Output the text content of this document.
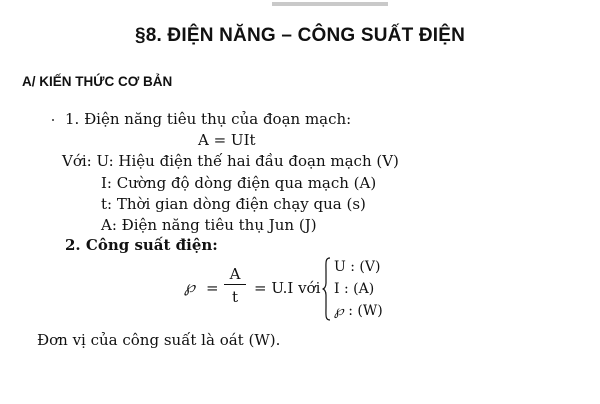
§8. ĐIỆN NĂNG – CÔNG SUẤT ĐIỆN
A/ KIẾN THỨC CƠ BẢN
1. Điện năng tiêu thụ của đoạn mạch:
A = UIt
Với: U: Hiệu điện thế hai đầu đoạn mạch (V)
I: Cường độ dòng điện qua mạch (A)
t: Thời gian dòng điện chạy qua (s)
A: Điện năng tiêu thụ Jun (J)
2. Công suất điện:
℘ =
A
t	= U.I với
U : (V)
I : (A)
℘ : (W)
Đơn vị của công suất là oát (W).
